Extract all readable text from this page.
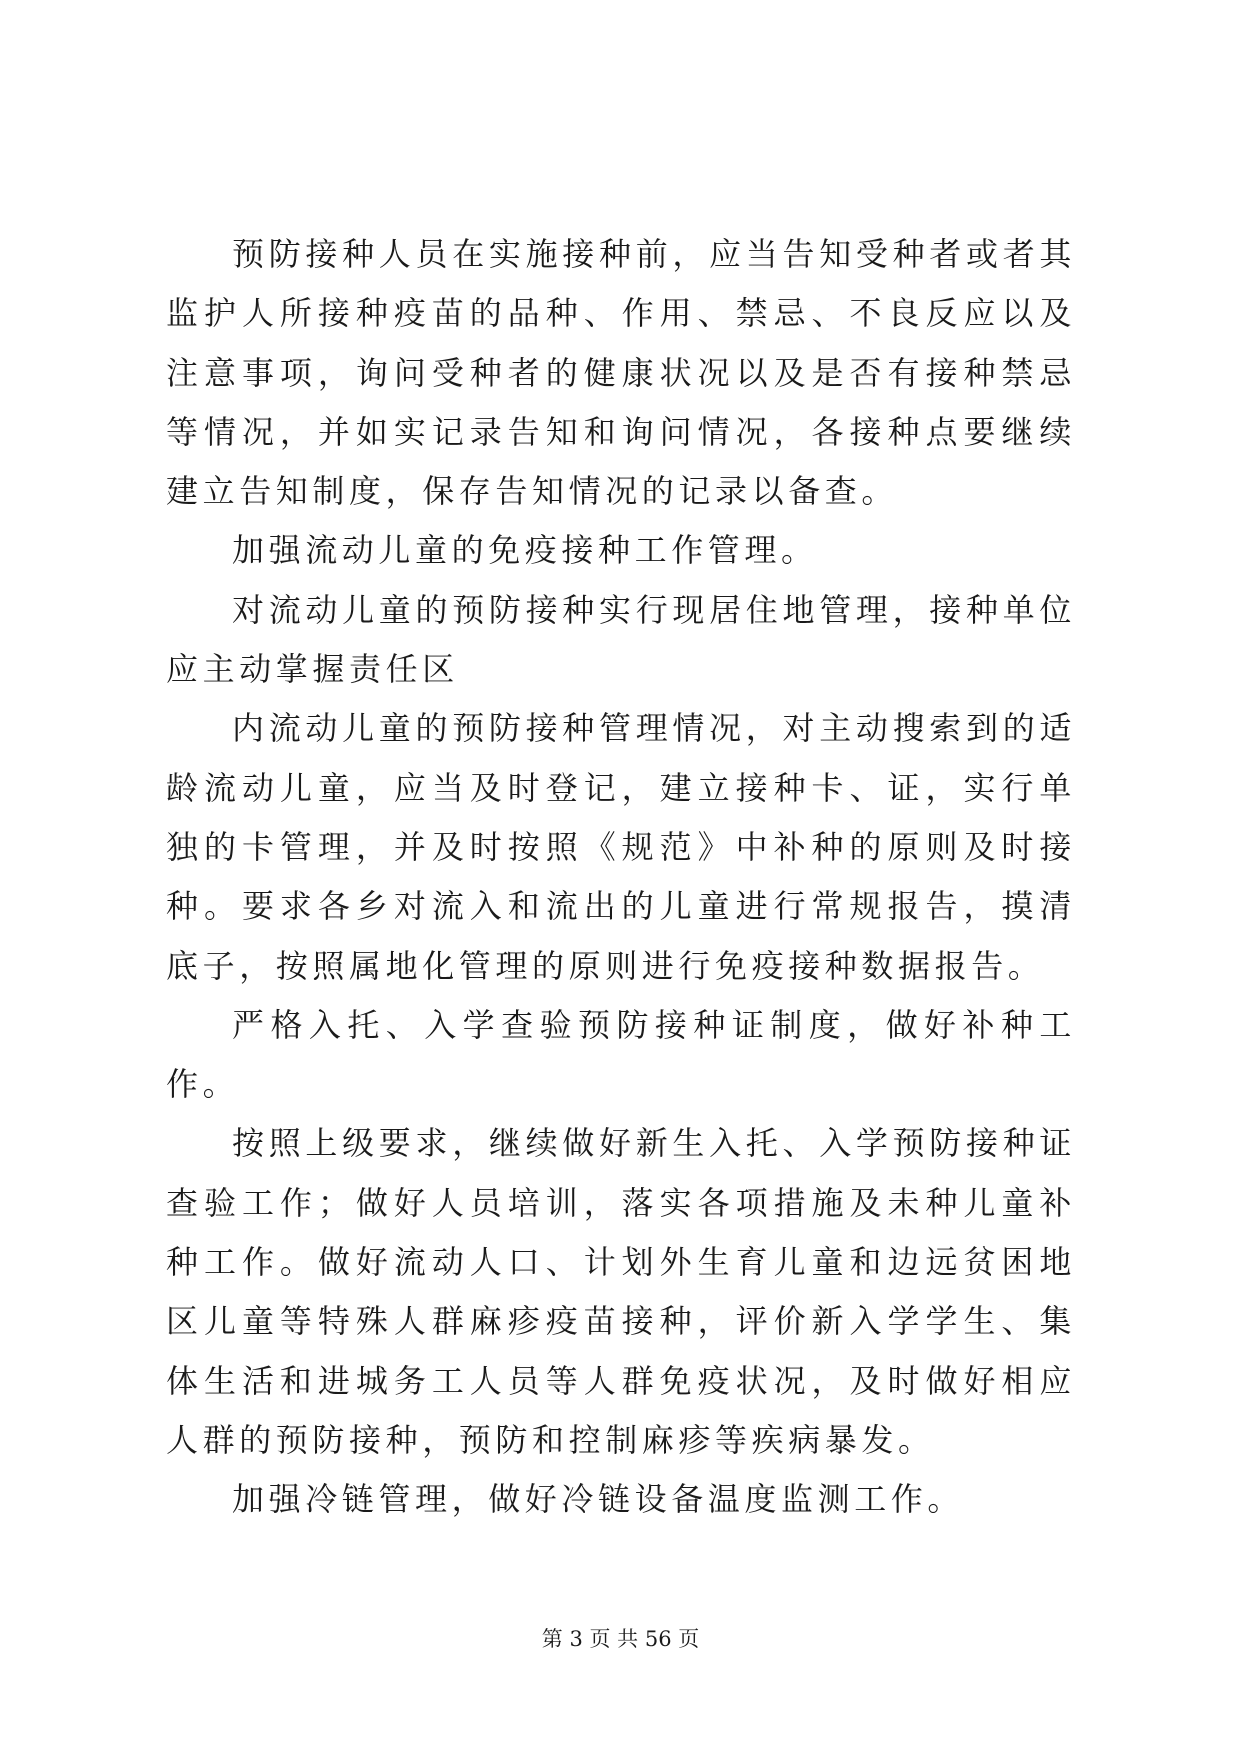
预防接种人员在实施接种前，应当告知受种者或者其监护人所接种疫苗的品种、作用、禁忌、不良反应以及注意事项，询问受种者的健康状况以及是否有接种禁忌等情况，并如实记录告知和询问情况，各接种点要继续建立告知制度，保存告知情况的记录以备查。

加强流动儿童的免疫接种工作管理。

对流动儿童的预防接种实行现居住地管理，接种单位应主动掌握责任区

内流动儿童的预防接种管理情况，对主动搜索到的适龄流动儿童，应当及时登记，建立接种卡、证，实行单独的卡管理，并及时按照《规范》中补种的原则及时接种。要求各乡对流入和流出的儿童进行常规报告，摸清底子，按照属地化管理的原则进行免疫接种数据报告。

严格入托、入学查验预防接种证制度，做好补种工作。

按照上级要求，继续做好新生入托、入学预防接种证查验工作；做好人员培训，落实各项措施及未种儿童补种工作。做好流动人口、计划外生育儿童和边远贫困地区儿童等特殊人群麻疹疫苗接种，评价新入学学生、集体生活和进城务工人员等人群免疫状况，及时做好相应人群的预防接种，预防和控制麻疹等疾病暴发。

加强冷链管理，做好冷链设备温度监测工作。

第 3 页 共 56 页
